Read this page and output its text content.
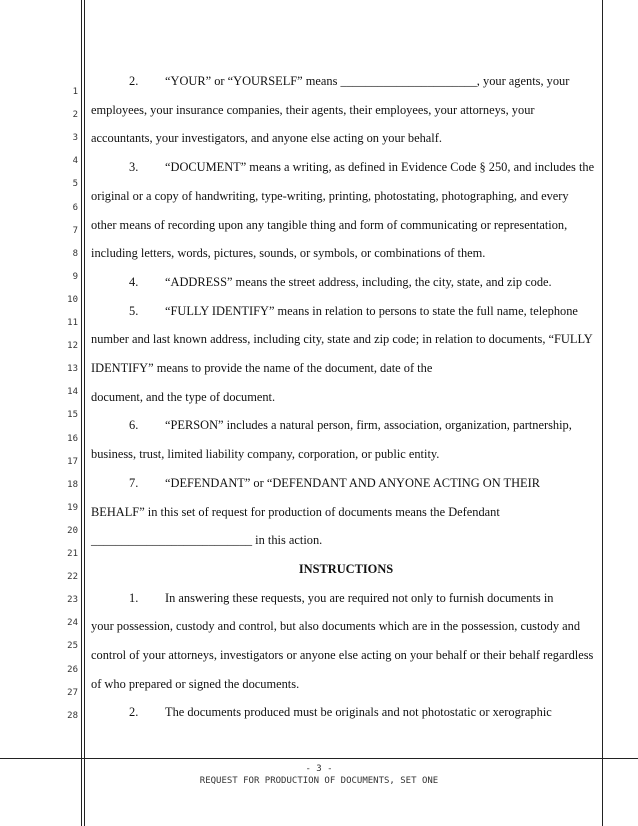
1
2
3
4
5
6
7
8
9
10
11
12
13
14
15
16
17
18
19
20
21
22
23
24
25
26
27
28
2. “YOUR” or “YOURSELF” means ______________________, your agents, your
employees, your insurance companies, their agents, their employees, your attorneys, your
accountants, your investigators, and anyone else acting on your behalf.
3. “DOCUMENT” means a writing, as defined in Evidence Code § 250, and includes the
original or a copy of handwriting, type-writing, printing, photostating, photographing, and every
other means of recording upon any tangible thing and form of communicating or representation,
including letters, words, pictures, sounds, or symbols, or combinations of them.
4. “ADDRESS” means the street address, including, the city, state, and zip code.
5. “FULLY IDENTIFY” means in relation to persons to state the full name, telephone
number and last known address, including city, state and zip code; in relation to documents, “FULLY
IDENTIFY” means to provide the name of the document, date of the
document, and the type of document.
6. “PERSON” includes a natural person, firm, association, organization, partnership,
business, trust, limited liability company, corporation, or public entity.
7. “DEFENDANT” or “DEFENDANT AND ANYONE ACTING ON THEIR
BEHALF” in this set of request for production of documents means the Defendant
__________________________ in this action.
INSTRUCTIONS
1. In answering these requests, you are required not only to furnish documents in
your possession, custody and control, but also documents which are in the possession, custody and
control of your attorneys, investigators or anyone else acting on your behalf or their behalf regardless
of who prepared or signed the documents.
2. The documents produced must be originals and not photostatic or xerographic
- 3 -
REQUEST FOR PRODUCTION OF DOCUMENTS, SET ONE
